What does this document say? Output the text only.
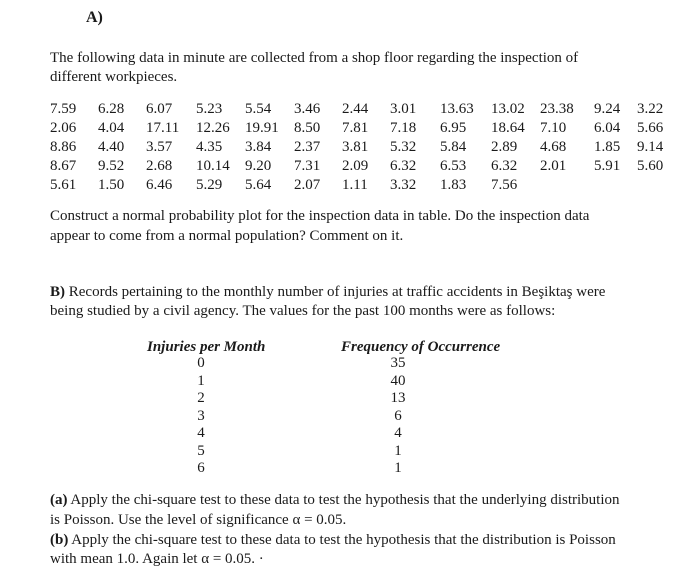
A)
The following data in minute are collected from a shop floor regarding the inspection of
different workpieces.
7.59 6.28 6.07 5.23 5.54 3.46 2.44 3.01 13.63 13.02 23.38 9.24 3.22
2.06 4.04 17.11 12.26 19.91 8.50 7.81 7.18 6.95 18.64 7.10 6.04 5.66
8.86 4.40 3.57 4.35 3.84 2.37 3.81 5.32 5.84 2.89 4.68 1.85 9.14
8.67 9.52 2.68 10.14 9.20 7.31 2.09 6.32 6.53 6.32 2.01 5.91 5.60
5.61 1.50 6.46 5.29 5.64 2.07 1.11 3.32 1.83 7.56
Construct a normal probability plot for the inspection data in table. Do the inspection data
appear to come from a normal population? Comment on it.
B) Records pertaining to the monthly number of injuries at traffic accidents in Beşiktaş were
being studied by a civil agency. The values for the past 100 months were as follows:
Injuries per Month	Frequency of Occurrence
0
1
2
3
4
5
6
35
40
13
6
4
1
1
(a) Apply the chi-square test to these data to test the hypothesis that the underlying distribution
is Poisson. Use the level of significance α = 0.05.
(b) Apply the chi-square test to these data to test the hypothesis that the distribution is Poisson
with mean 1.0. Again let α = 0.05. ·
